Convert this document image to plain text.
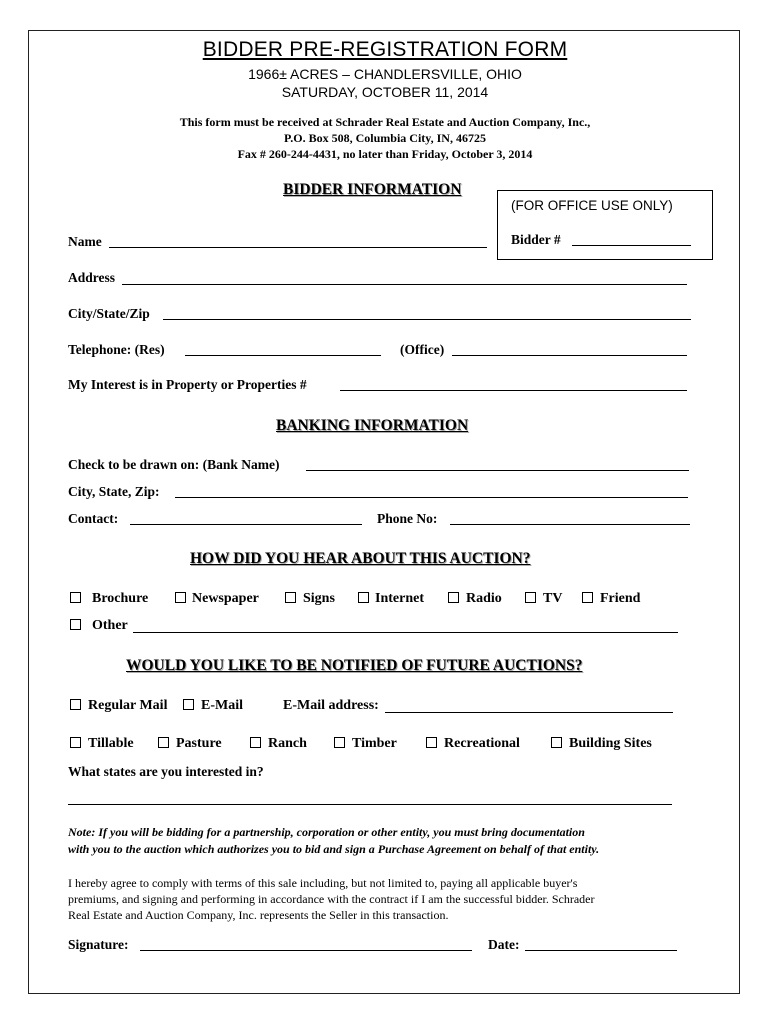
BIDDER PRE-REGISTRATION FORM
1966± ACRES – CHANDLERSVILLE, OHIO
SATURDAY, OCTOBER 11, 2014
This form must be received at Schrader Real Estate and Auction Company, Inc.,
P.O. Box 508, Columbia City, IN, 46725
Fax # 260-244-4431, no later than Friday, October 3, 2014
BIDDER INFORMATION
(FOR OFFICE USE ONLY)
Bidder #
Name
Address
City/State/Zip
Telephone: (Res)	(Office)
My Interest is in Property or Properties #
BANKING INFORMATION
Check to be drawn on: (Bank Name)
City, State, Zip:
Contact:	Phone No:
HOW DID YOU HEAR ABOUT THIS AUCTION?
Brochure	Newspaper	Signs	Internet	Radio	TV	Friend
Other
WOULD YOU LIKE TO BE NOTIFIED OF FUTURE AUCTIONS?
Regular Mail E-Mail	E-Mail address:
Tillable	Pasture	Ranch	Timber	Recreational	Building Sites
What states are you interested in?
Note: If you will be bidding for a partnership, corporation or other entity, you must bring documentation
with you to the auction which authorizes you to bid and sign a Purchase Agreement on behalf of that entity.
I hereby agree to comply with terms of this sale including, but not limited to, paying all applicable buyer's
premiums, and signing and performing in accordance with the contract if I am the successful bidder. Schrader
Real Estate and Auction Company, Inc. represents the Seller in this transaction.
Signature:	Date:
